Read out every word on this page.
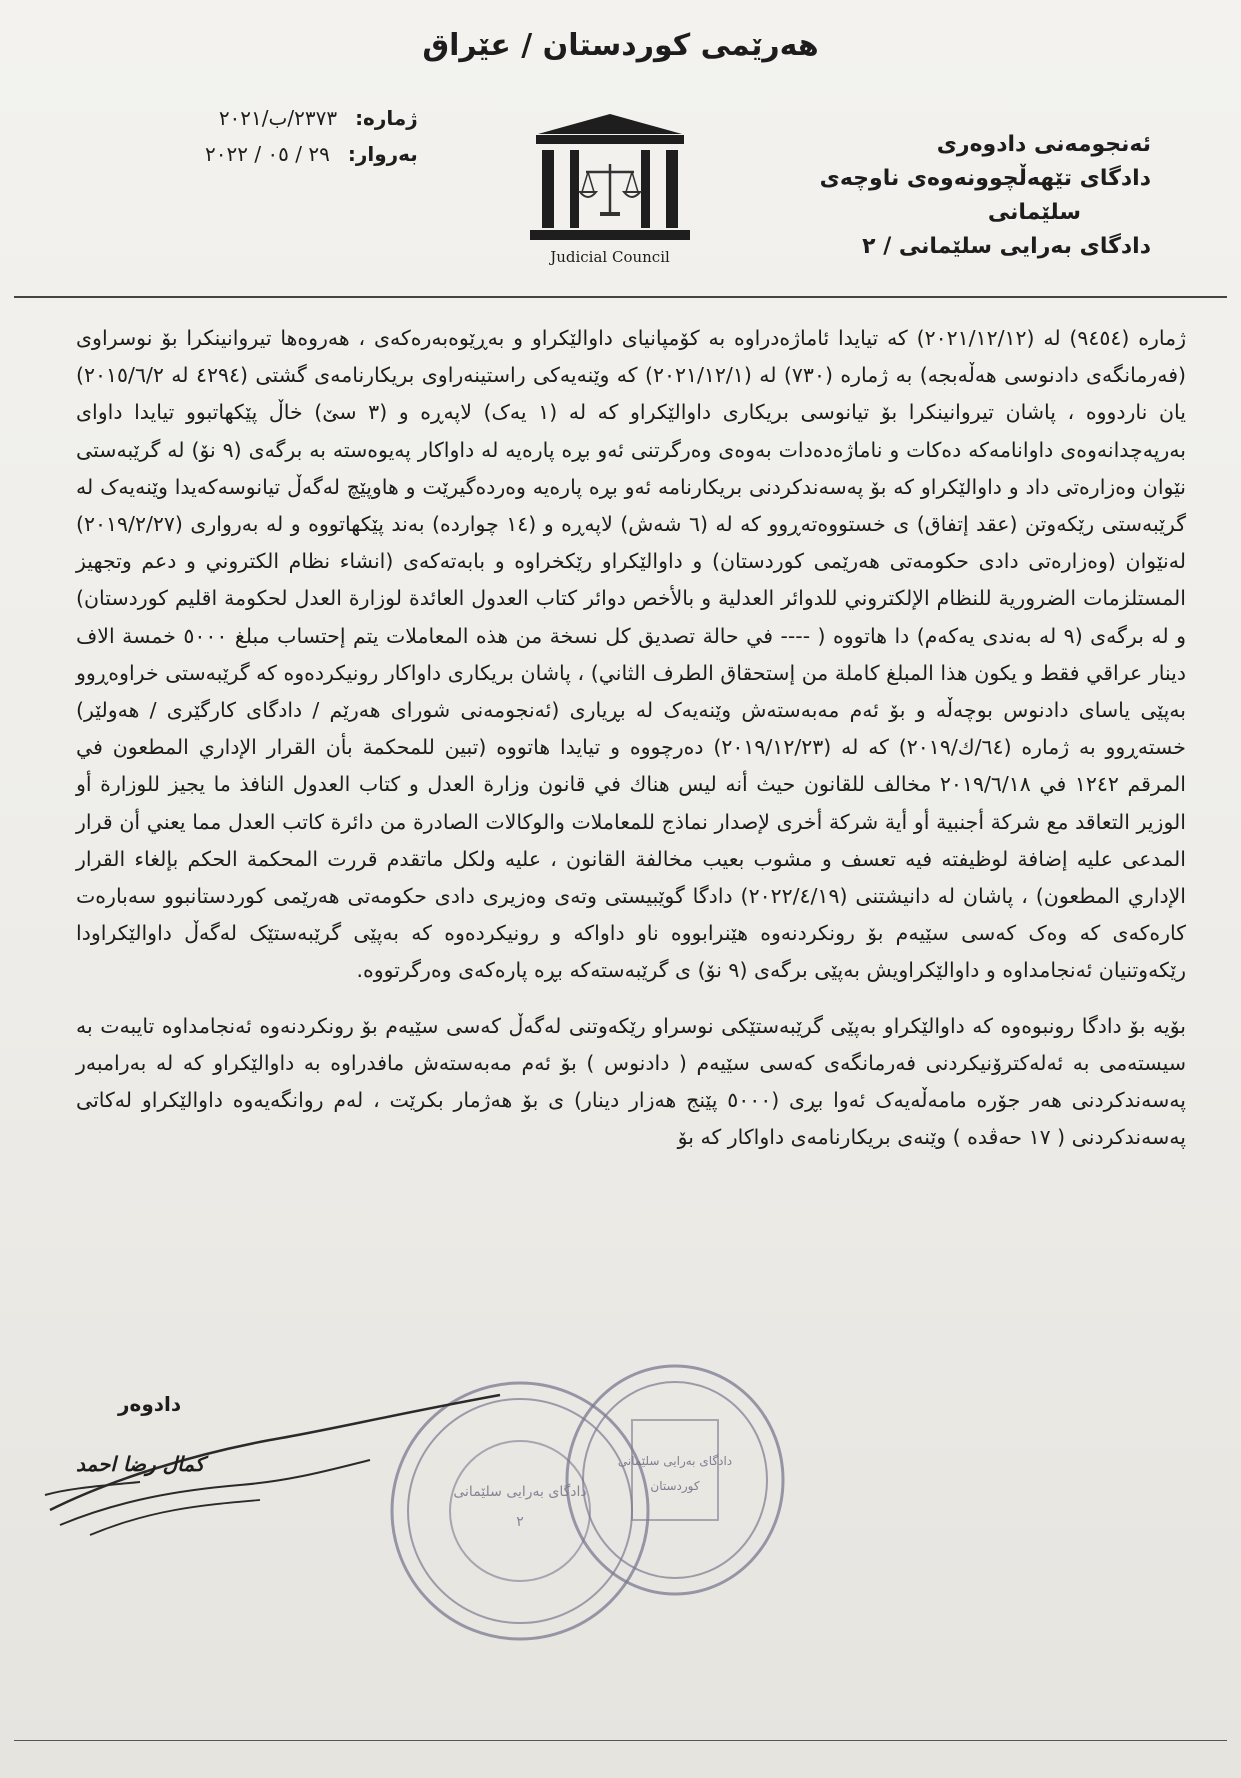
هەرێمی کوردستان / عێراق
ژمارە:
٢٣٧٣/ب/٢٠٢١
بەروار:
٢٩ / ٠٥ / ٢٠٢٢
Judicial Council
ئەنجومەنی دادوەری
دادگای تێهەڵچوونەوەی ناوچەی
سلێمانی
دادگای بەرایی سلێمانی / ٢

ژمارە (٩٤٥٤) لە (٢٠٢١/١٢/١٢) کە تیایدا ئاماژەدراوە بە کۆمپانیای داوالێکراو و بەڕێوەبەرەکەی ، هەروەها تیروانینکرا بۆ نوسراوی (فەرمانگەی دادنوسی هەڵەبجە) بە ژمارە (٧٣٠) لە (٢٠٢١/١٢/١) کە وێنەیەکی راستینەراوی بریکارنامەی گشتی (٤٢٩٤ لە ٢٠١٥/٦/٢) یان ناردووە ، پاشان تیروانینکرا بۆ تیانوسی بریکاری داوالێکراو کە لە (١ یەک) لاپەڕە و (٣ سێ) خاڵ پێکهاتبوو تیایدا داوای بەرپەچدانەوەی داوانامەکە دەکات و ناماژەدەدات بەوەی وەرگرتنی ئەو بڕە پارەیە لە داواکار پەیوەستە بە برگەی (٩ نۆ) لە گرێبەستی نێوان وەزارەتی داد و داوالێکراو کە بۆ پەسەندکردنی بریکارنامە ئەو بڕە پارەیە وەردەگیرێت و هاوپێچ لەگەڵ تیانوسەکەیدا وێنەیەک لە گرێبەستی رێکەوتن (عقد إتفاق) ی خستووەتەڕوو کە لە (٦ شەش) لاپەڕە و (١٤ چواردە) بەند پێکهاتووە و لە بەرواری (٢٠١٩/٢/٢٧) لەنێوان (وەزارەتی دادی حکومەتی هەرێمی کوردستان) و داوالێکراو رێکخراوە و بابەتەکەی (انشاء نظام الكتروني و دعم وتجهيز المستلزمات الضرورية للنظام الإلكتروني للدوائر العدلية و بالأخص دوائر كتاب العدول العائدة لوزارة العدل لحكومة اقليم كوردستان) و لە برگەی (٩ لە بەندی یەکەم) دا هاتووە ( ---- في حالة تصديق كل نسخة من هذه المعاملات يتم إحتساب مبلغ ٥٠٠٠ خمسة الاف دينار عراقي فقط و يكون هذا المبلغ كاملة من إستحقاق الطرف الثاني) ، پاشان بریکاری داواکار رونیکردەوە کە گرێبەستی خراوەڕوو بەپێی یاسای دادنوس بوچەڵە و بۆ ئەم مەبەستەش وێنەیەک لە بڕیاری (ئەنجومەنی شورای هەرێم / دادگای کارگێری / هەولێر) خستەڕوو بە ژمارە (٦٤/ك/٢٠١٩) کە لە (٢٠١٩/١٢/٢٣) دەرچووە و تیایدا هاتووە (تبين للمحكمة بأن القرار الإداري المطعون في المرقم ١٢٤٢ في ٢٠١٩/٦/١٨ مخالف للقانون حيث أنه ليس هناك في قانون وزارة العدل و كتاب العدول النافذ ما يجيز للوزارة أو الوزير التعاقد مع شركة أجنبية أو أية شركة أخرى لإصدار نماذج للمعاملات والوكالات الصادرة من دائرة كاتب العدل مما يعني أن قرار المدعى عليه إضافة لوظيفته فيه تعسف و مشوب بعيب مخالفة القانون ، عليه ولكل ماتقدم قررت المحكمة الحكم بإلغاء القرار الإداري المطعون) ، پاشان لە دانیشتنی (٢٠٢٢/٤/١٩) دادگا گوێبیستی وتەی وەزیری دادی حکومەتی هەرێمی کوردستانبوو سەبارەت کارەکەی کە وەک کەسی سێیەم بۆ رونکردنەوە هێنرابووە ناو داواکە و رونیکردەوە کە بەپێی گرێبەستێک لەگەڵ داوالێکراودا رێکەوتنیان ئەنجامداوە و داوالێکراویش بەپێی برگەی (٩ نۆ) ی گرێبەستەکە بڕە پارەکەی وەرگرتووە.

بۆیە بۆ دادگا رونبوەوە کە داوالێکراو بەپێی گرێبەستێکی نوسراو رێکەوتنی لەگەڵ کەسی سێیەم بۆ رونکردنەوە ئەنجامداوە تایبەت بە سیستەمی بە ئەلەکترۆنیکردنی فەرمانگەی کەسی سێیەم ( دادنوس ) بۆ ئەم مەبەستەش مافدراوە بە داوالێکراو کە لە بەرامبەر پەسەندکردنی هەر جۆرە مامەڵەیەک ئەوا بڕی (٥٠٠٠ پێنج هەزار دینار) ی بۆ هەژمار بکرێت ، لەم روانگەیەوە داوالێکراو لەکاتی پەسەندکردنی ( ١٧ حەڤدە ) وێنەی بریکارنامەی داواکار کە بۆ

دادگای بەرایی سلێمانی
٢
دادگای بەرایی سلێمانی
کوردستان
دادوەر
کمال رضا احمد
